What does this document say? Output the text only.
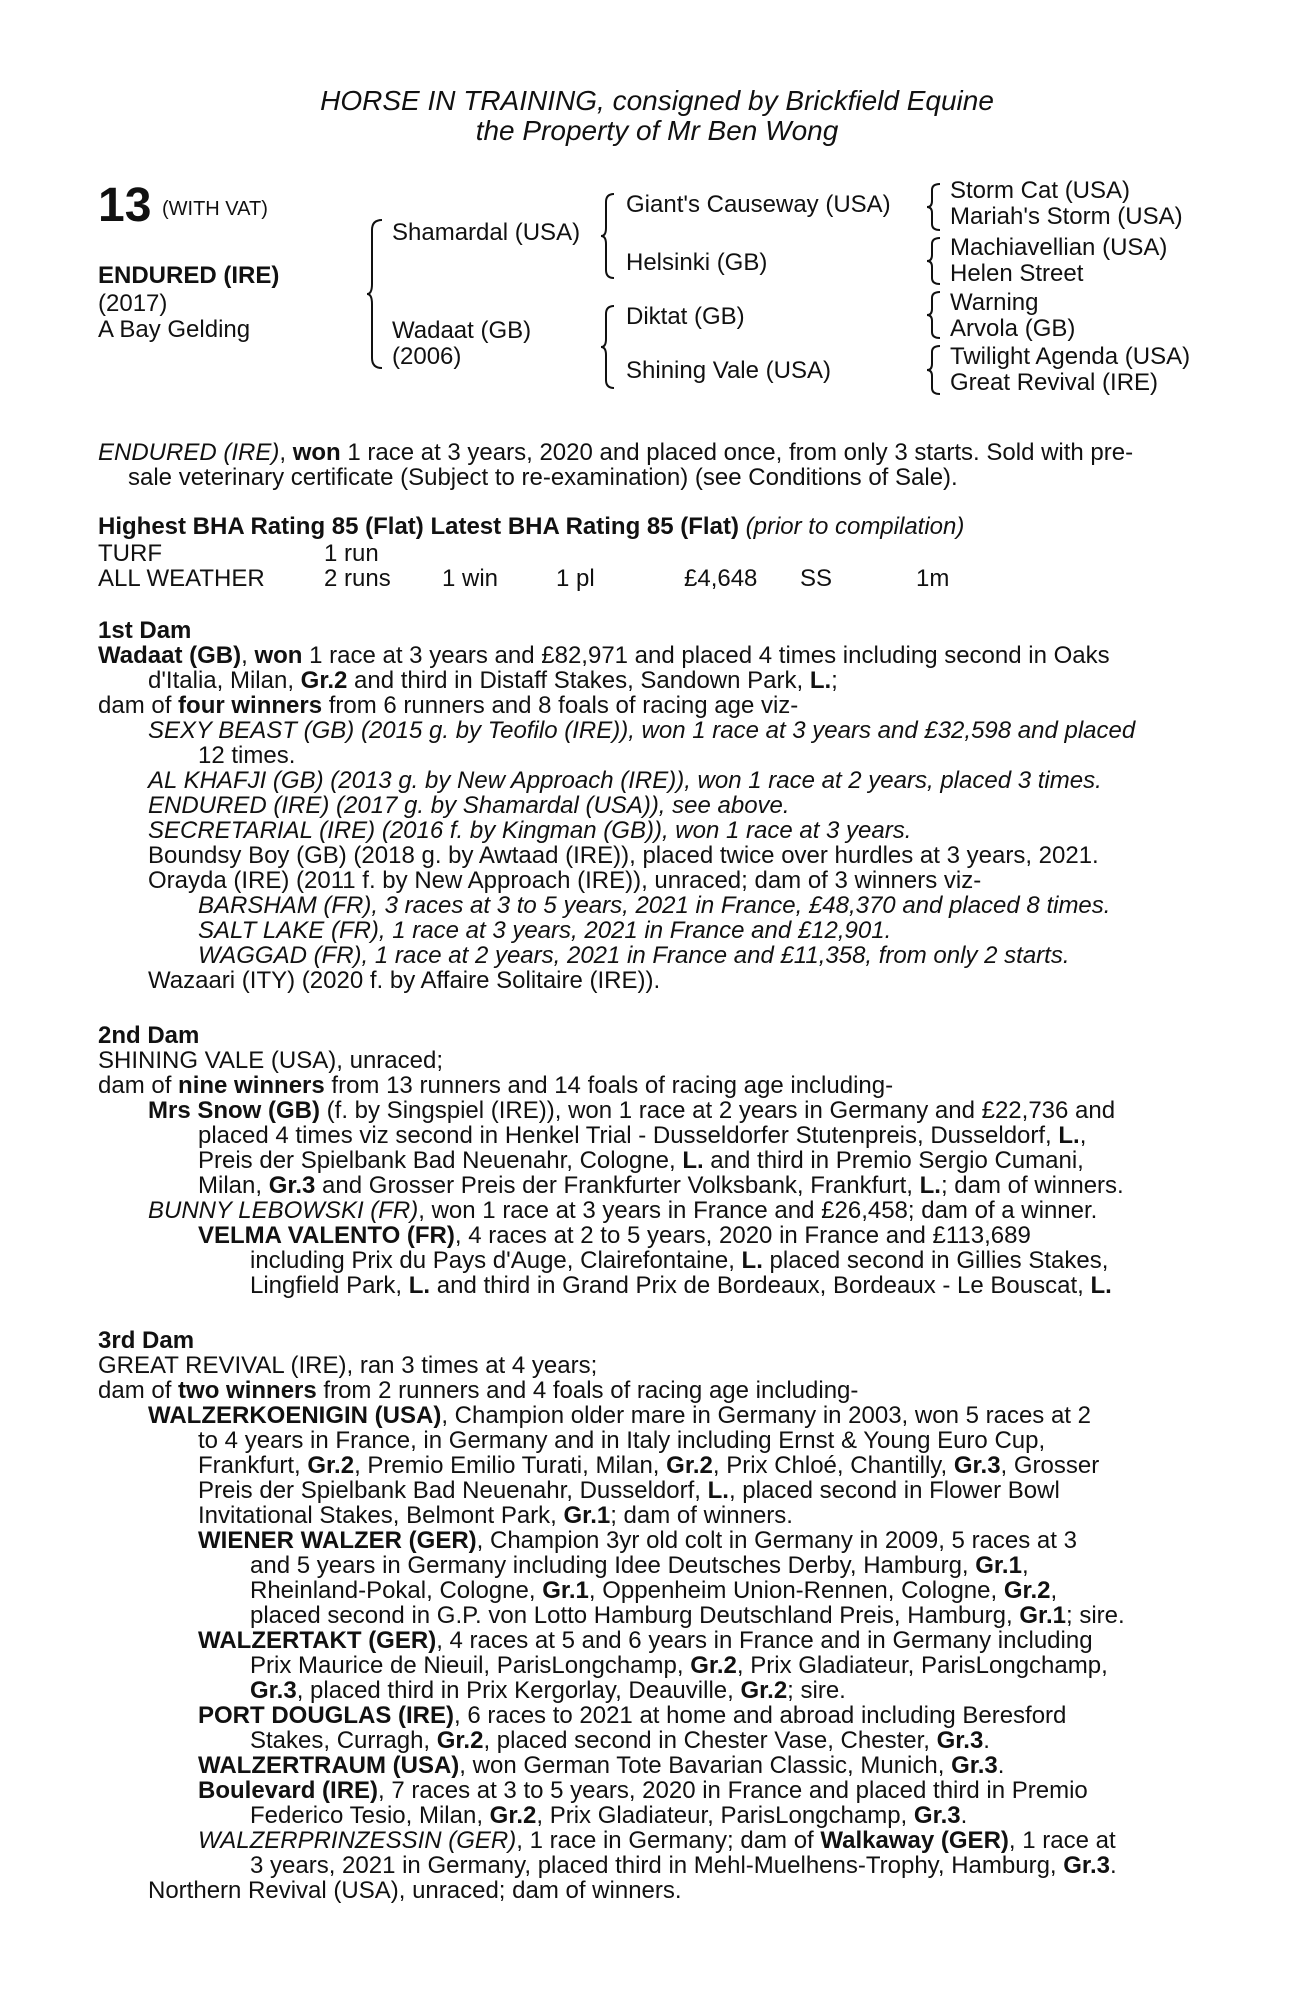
HORSE IN TRAINING, consigned by Brickfield Equine
the Property of Mr Ben Wong
13 (WITH VAT)
ENDURED (IRE)
(2017)
A Bay Gelding
Shamardal (USA)
Wadaat (GB)
(2006)
Giant's Causeway (USA)
Helsinki (GB)
Diktat (GB)
Shining Vale (USA)
Storm Cat (USA)
Mariah's Storm (USA)
Machiavellian (USA)
Helen Street
Warning
Arvola (GB)
Twilight Agenda (USA)
Great Revival (IRE)
ENDURED (IRE), won 1 race at 3 years, 2020 and placed once, from only 3 starts. Sold with pre-
sale veterinary certificate (Subject to re-examination) (see Conditions of Sale).
Highest BHA Rating 85 (Flat) Latest BHA Rating 85 (Flat) (prior to compilation)
TURF	1 run
ALL WEATHER 2 runs 1 win 1 pl	£4,648 SS	1m
1st Dam
Wadaat (GB), won 1 race at 3 years and £82,971 and placed 4 times including second in Oaks
d'Italia, Milan, Gr.2 and third in Distaff Stakes, Sandown Park, L.;
dam of four winners from 6 runners and 8 foals of racing age viz-
SEXY BEAST (GB) (2015 g. by Teofilo (IRE)), won 1 race at 3 years and £32,598 and placed
12 times.
AL KHAFJI (GB) (2013 g. by New Approach (IRE)), won 1 race at 2 years, placed 3 times.
ENDURED (IRE) (2017 g. by Shamardal (USA)), see above.
SECRETARIAL (IRE) (2016 f. by Kingman (GB)), won 1 race at 3 years.
Boundsy Boy (GB) (2018 g. by Awtaad (IRE)), placed twice over hurdles at 3 years, 2021.
Orayda (IRE) (2011 f. by New Approach (IRE)), unraced; dam of 3 winners viz-
BARSHAM (FR), 3 races at 3 to 5 years, 2021 in France, £48,370 and placed 8 times.
SALT LAKE (FR), 1 race at 3 years, 2021 in France and £12,901.
WAGGAD (FR), 1 race at 2 years, 2021 in France and £11,358, from only 2 starts.
Wazaari (ITY) (2020 f. by Affaire Solitaire (IRE)).
2nd Dam
SHINING VALE (USA), unraced;
dam of nine winners from 13 runners and 14 foals of racing age including-
Mrs Snow (GB) (f. by Singspiel (IRE)), won 1 race at 2 years in Germany and £22,736 and
placed 4 times viz second in Henkel Trial - Dusseldorfer Stutenpreis, Dusseldorf, L.,
Preis der Spielbank Bad Neuenahr, Cologne, L. and third in Premio Sergio Cumani,
Milan, Gr.3 and Grosser Preis der Frankfurter Volksbank, Frankfurt, L.; dam of winners.
BUNNY LEBOWSKI (FR), won 1 race at 3 years in France and £26,458; dam of a winner.
VELMA VALENTO (FR), 4 races at 2 to 5 years, 2020 in France and £113,689
including Prix du Pays d'Auge, Clairefontaine, L. placed second in Gillies Stakes,
Lingfield Park, L. and third in Grand Prix de Bordeaux, Bordeaux - Le Bouscat, L.
3rd Dam
GREAT REVIVAL (IRE), ran 3 times at 4 years;
dam of two winners from 2 runners and 4 foals of racing age including-
WALZERKOENIGIN (USA), Champion older mare in Germany in 2003, won 5 races at 2
to 4 years in France, in Germany and in Italy including Ernst & Young Euro Cup,
Frankfurt, Gr.2, Premio Emilio Turati, Milan, Gr.2, Prix Chloé, Chantilly, Gr.3, Grosser
Preis der Spielbank Bad Neuenahr, Dusseldorf, L., placed second in Flower Bowl
Invitational Stakes, Belmont Park, Gr.1; dam of winners.
WIENER WALZER (GER), Champion 3yr old colt in Germany in 2009, 5 races at 3
and 5 years in Germany including Idee Deutsches Derby, Hamburg, Gr.1,
Rheinland-Pokal, Cologne, Gr.1, Oppenheim Union-Rennen, Cologne, Gr.2,
placed second in G.P. von Lotto Hamburg Deutschland Preis, Hamburg, Gr.1; sire.
WALZERTAKT (GER), 4 races at 5 and 6 years in France and in Germany including
Prix Maurice de Nieuil, ParisLongchamp, Gr.2, Prix Gladiateur, ParisLongchamp,
Gr.3, placed third in Prix Kergorlay, Deauville, Gr.2; sire.
PORT DOUGLAS (IRE), 6 races to 2021 at home and abroad including Beresford
Stakes, Curragh, Gr.2, placed second in Chester Vase, Chester, Gr.3.
WALZERTRAUM (USA), won German Tote Bavarian Classic, Munich, Gr.3.
Boulevard (IRE), 7 races at 3 to 5 years, 2020 in France and placed third in Premio
Federico Tesio, Milan, Gr.2, Prix Gladiateur, ParisLongchamp, Gr.3.
WALZERPRINZESSIN (GER), 1 race in Germany; dam of Walkaway (GER), 1 race at
3 years, 2021 in Germany, placed third in Mehl-Muelhens-Trophy, Hamburg, Gr.3.
Northern Revival (USA), unraced; dam of winners.
